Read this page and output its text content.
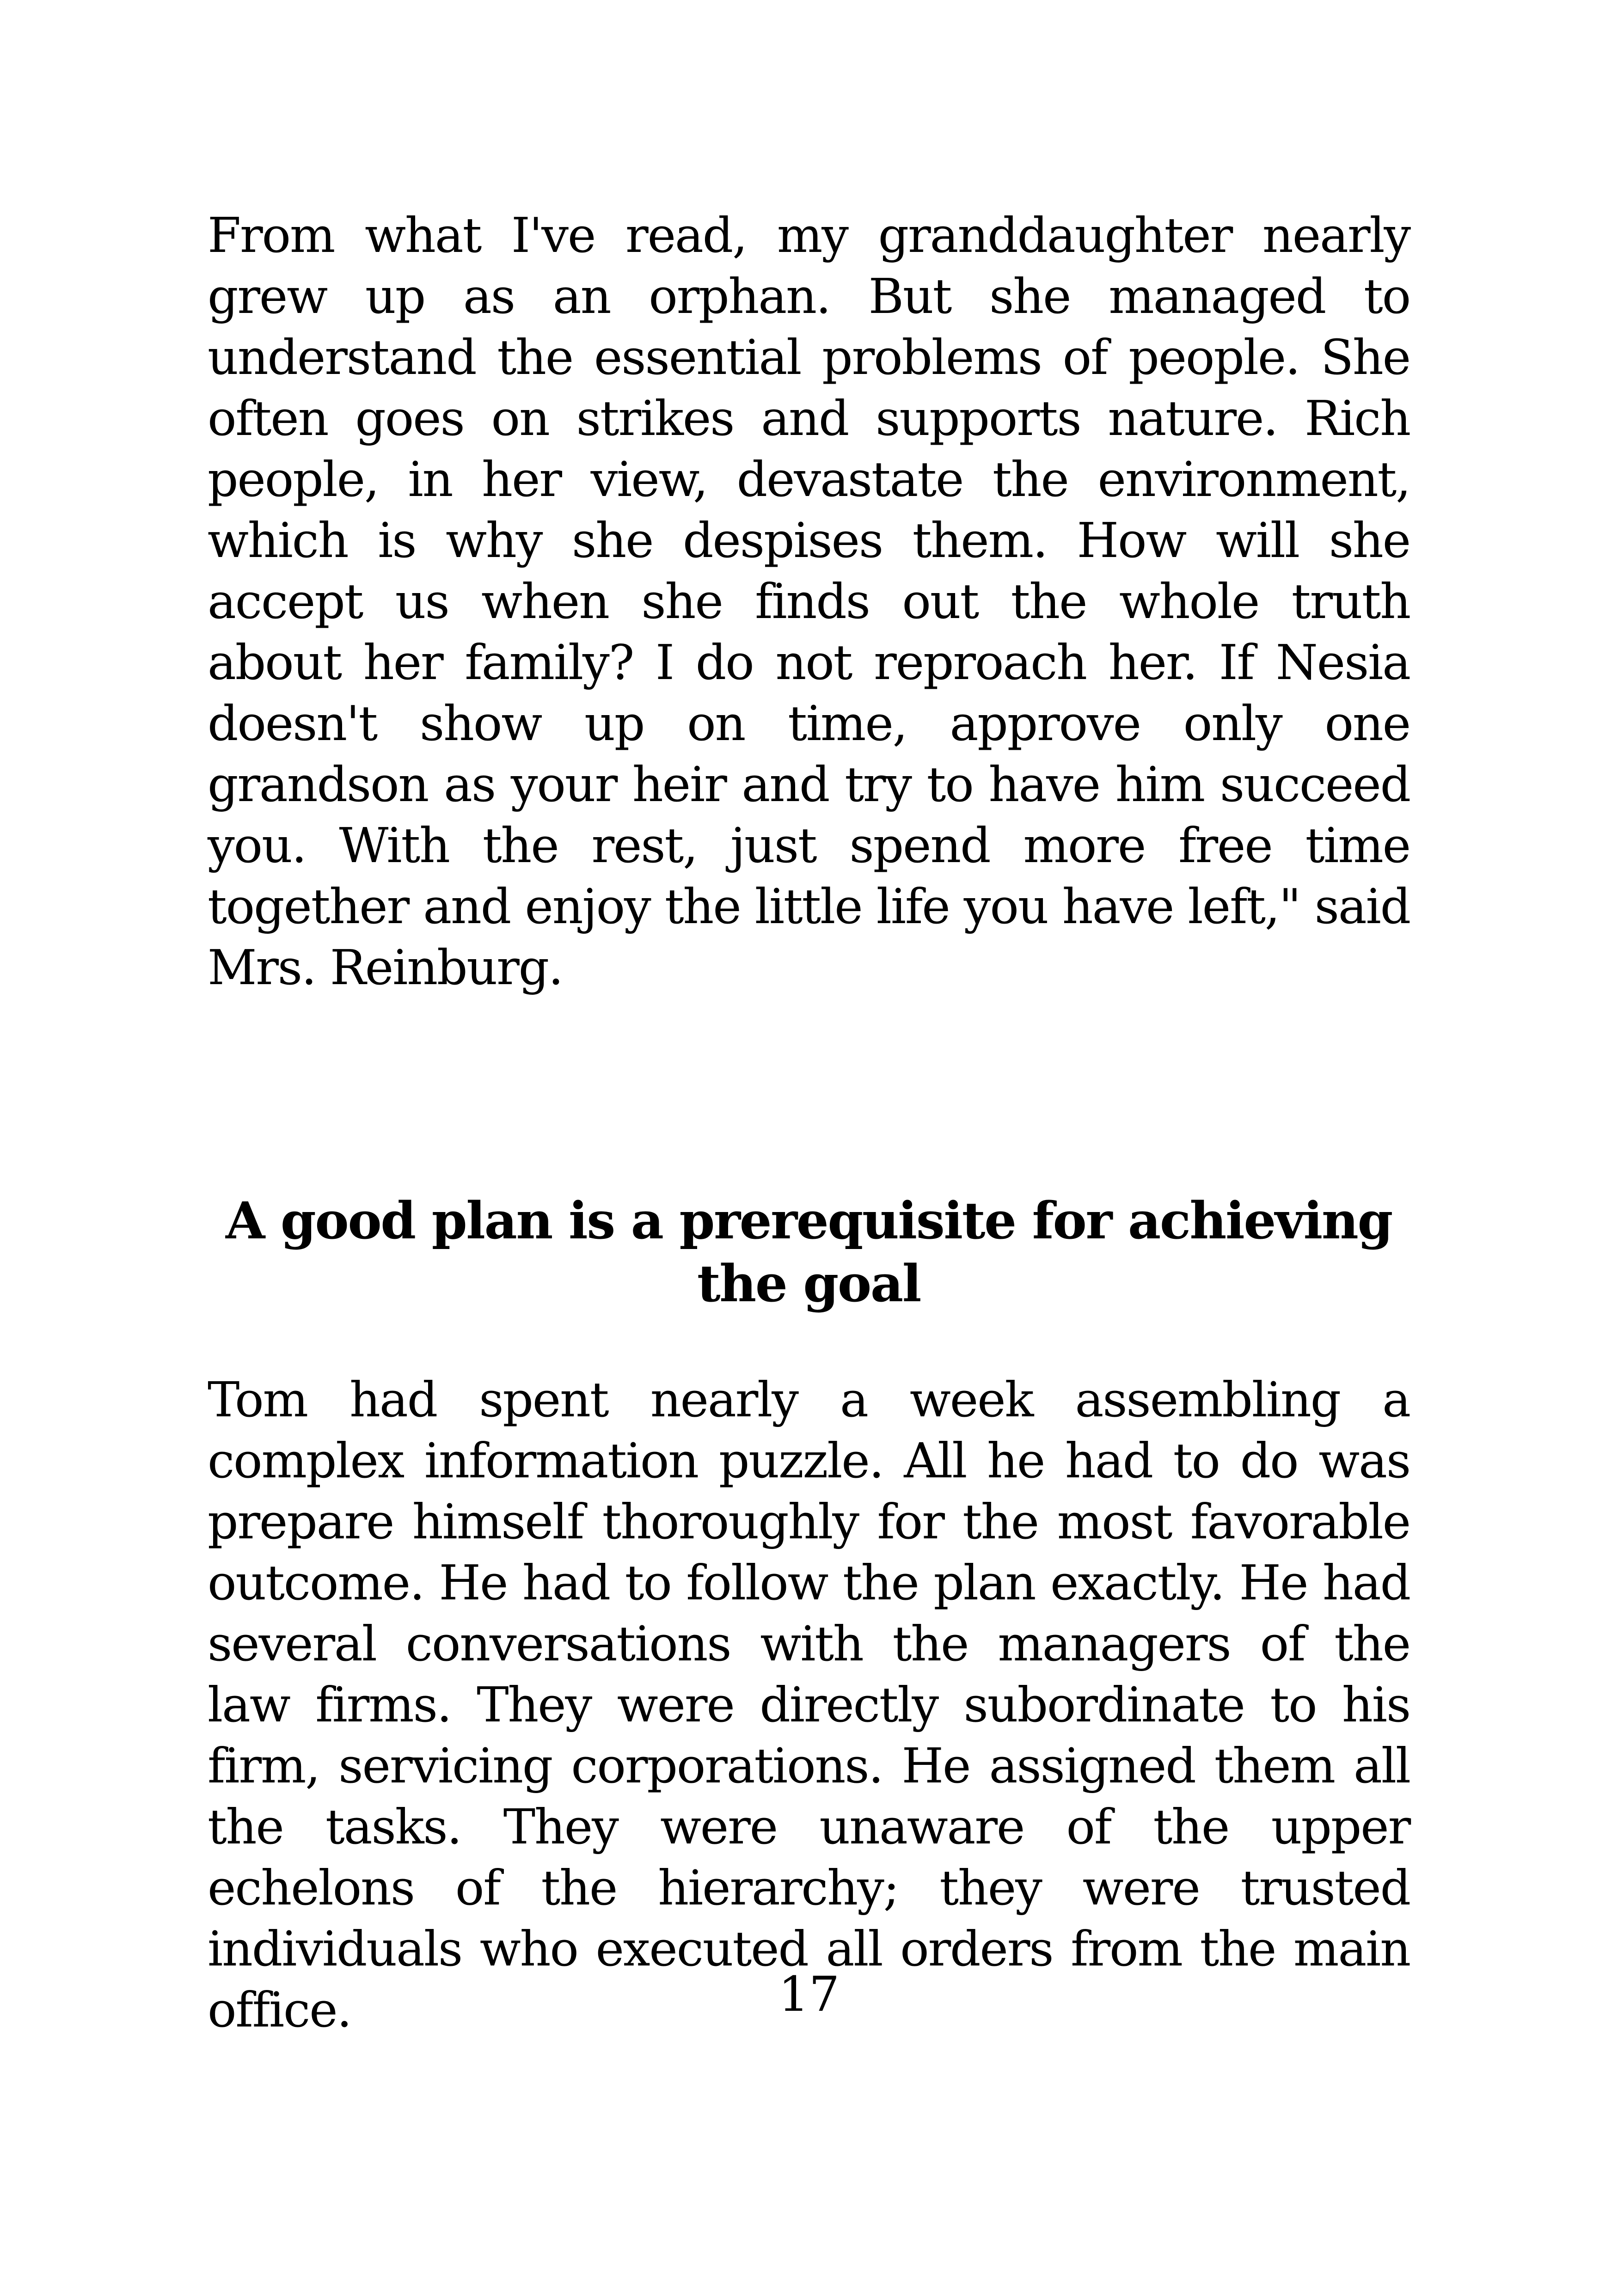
From what I've read, my granddaughter nearly grew up as an orphan. But she managed to understand the essential problems of people. She often goes on strikes and supports nature. Rich people, in her view, devastate the environment, which is why she despises them. How will she accept us when she finds out the whole truth about her family? I do not reproach her. If Nesia doesn't show up on time, approve only one grandson as your heir and try to have him succeed you. With the rest, just spend more free time together and enjoy the little life you have left," said Mrs. Reinburg.

A good plan is a prerequisite for achieving the goal

Tom had spent nearly a week assembling a complex information puzzle. All he had to do was prepare himself thoroughly for the most favorable outcome. He had to follow the plan exactly. He had several conversations with the managers of the law firms. They were directly subordinate to his firm, servicing corporations. He assigned them all the tasks. They were unaware of the upper echelons of the hierarchy; they were trusted individuals who executed all orders from the main office.	17
